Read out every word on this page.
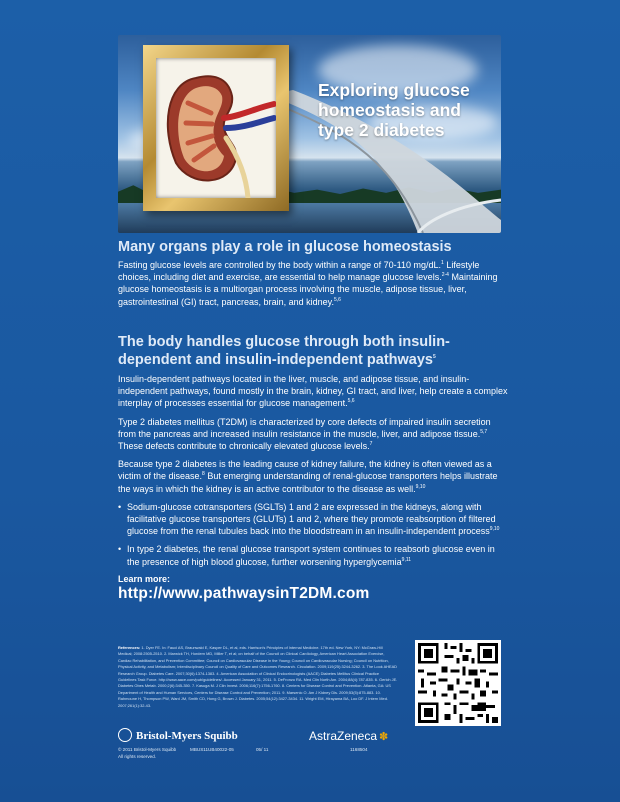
Exploring glucose homeostasis and type 2 diabetes
Many organs play a role in glucose homeostasis

Fasting glucose levels are controlled by the body within a range of 70-110 mg/dL.$^1$ Lifestyle choices, including diet and exercise, are essential to help manage glucose levels.$^{2-4}$ Maintaining glucose homeostasis is a multiorgan process involving the muscle, adipose tissue, liver, gastrointestinal (GI) tract, pancreas, brain, and kidney.$^{5,6}$

The body handles glucose through both insulin-dependent and insulin-independent pathways$^5$

Insulin-dependent pathways located in the liver, muscle, and adipose tissue, and insulin-independent pathways, found mostly in the brain, kidney, GI tract, and liver, help create a complex interplay of processes essential for glucose management.$^{5,6}$

Type 2 diabetes mellitus (T2DM) is characterized by core defects of impaired insulin secretion from the pancreas and increased insulin resistance in the muscle, liver, and adipose tissue.$^{5,7}$ These defects contribute to chronically elevated glucose levels.$^7$

Because type 2 diabetes is the leading cause of kidney failure, the kidney is often viewed as a victim of the disease.$^8$ But emerging understanding of renal-glucose transporters helps illustrate the ways in which the kidney is an active contributor to the disease as well.$^{9,10}$

• Sodium-glucose cotransporters (SGLTs) 1 and 2 are expressed in the kidneys, along with facilitative glucose transporters (GLUTs) 1 and 2, where they promote reabsorption of filtered glucose from the renal tubules back into the bloodstream in an insulin-independent process$^{9,10}$
• In type 2 diabetes, the renal glucose transport system continues to reabsorb glucose even in the presence of high blood glucose, further worsening hyperglycemia$^{9,11}$
Learn more:
http://www.pathwaysinT2DM.com
References: 1. Dyer FE. In: Fauci AS, Braunwald E, Kasper DL, et al, eds. Harrison's Principles of Internal Medicine. 17th ed. New York, NY: McGraw-Hill Medical; 2008:2505-2510. 2. Marwick TH, Hordern MD, Miller T, et al; on behalf of the Council on Clinical Cardiology, American Heart Association Exercise, Cardiac Rehabilitation, and Prevention Committee; Council on Cardiovascular Disease in the Young; Council on Cardiovascular Nursing; Council on Nutrition, Physical Activity, and Metabolism; Interdisciplinary Council on Quality of Care and Outcomes Research. Circulation. 2009;119(25):3244-3262. 3. The Look AHEAD Research Group. Diabetes Care. 2007;30(6):1374-1383. 4. American Association of Clinical Endocrinologists (AACE) Diabetes Mellitus Clinical Practice Guidelines Task Force. http://www.aace.com/pub/guidelines/. Accessed January 31, 2011. 5. DeFronzo RA. Med Clin North Am. 2004;88(4):787-835. 6. Gerich JE. Diabetes Obes Metab. 2000;2(6):345-350. 7. Kasuga M. J Clin Invest. 2006;116(7):1756-1760. 8. Centers for Disease Control and Prevention. Atlanta, GA: US Department of Health and Human Services, Centers for Disease Control and Prevention; 2011. 9. Marsenic O. Am J Kidney Dis. 2009;53(5):875-883. 10. Rahmoune H, Thompson PW, Ward JM, Smith CD, Hong G, Brown J. Diabetes. 2005;54(12):3427-3434. 11. Wright EM, Hirayama BA, Loo DF. J Intern Med. 2007;261(1):32-43.
Bristol-Myers Squibb	AstraZeneca ✽
© 2011 Bristol-Myers Squibb	MBUS11UB40022-05	05/ 11	1168504
All rights reserved.
